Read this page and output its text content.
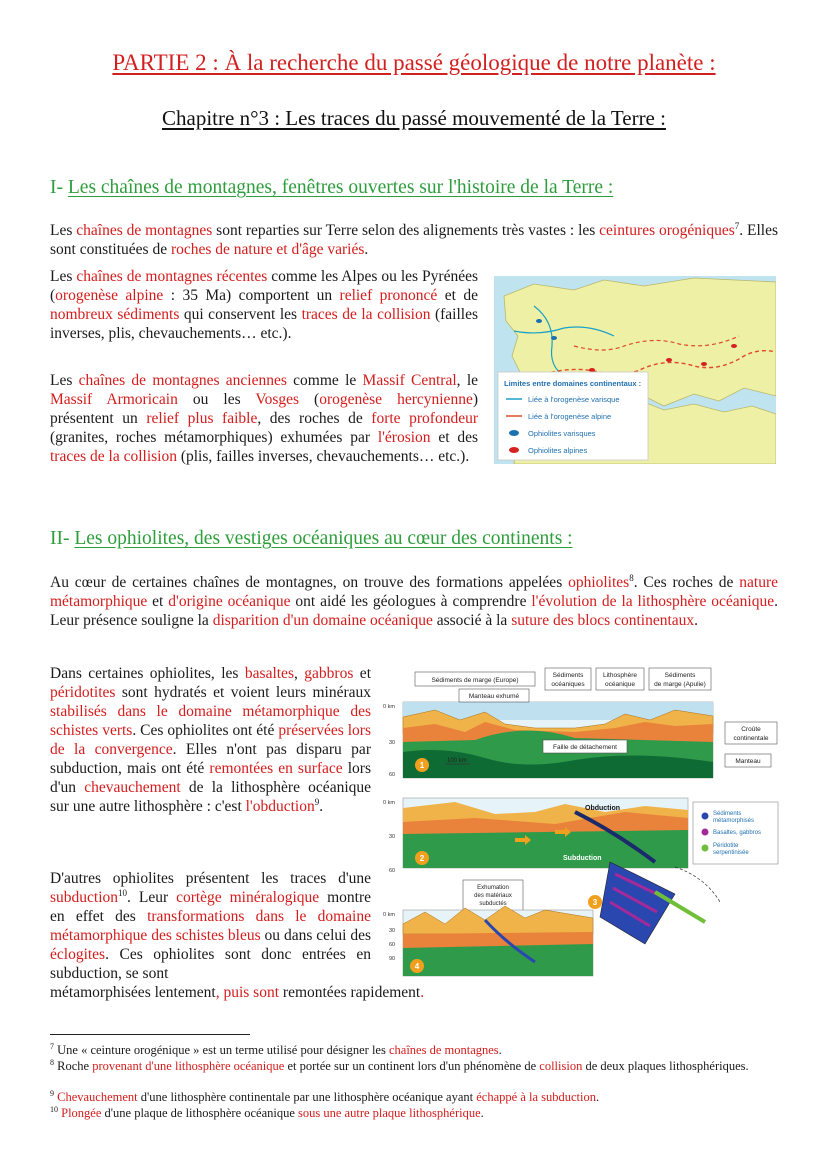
PARTIE 2 : À la recherche du passé géologique de notre planète :
Chapitre n°3 : Les traces du passé mouvementé de la Terre :
I- Les chaînes de montagnes, fenêtres ouvertes sur l'histoire de la Terre :
Les chaînes de montagnes sont reparties sur Terre selon des alignements très vastes : les ceintures orogéniques$^7$. Elles sont constituées de roches de nature et d'âge variés.
Les chaînes de montagnes récentes comme les Alpes ou les Pyrénées (orogenèse alpine : 35 Ma) comportent un relief prononcé et de nombreux sédiments qui conservent les traces de la collision (failles inverses, plis, chevauchements… etc.).
Les chaînes de montagnes anciennes comme le Massif Central, le Massif Armoricain ou les Vosges (orogenèse hercynienne) présentent un relief plus faible, des roches de forte profondeur (granites, roches métamorphiques) exhumées par l'érosion et des traces de la collision (plis, failles inverses, chevauchements… etc.).
Limites entre domaines continentaux :
Liée à l'orogenèse varisque
Liée à l'orogenèse alpine
Ophiolites varisques
Ophiolites alpines
II- Les ophiolites, des vestiges océaniques au cœur des continents :
Au cœur de certaines chaînes de montagnes, on trouve des formations appelées ophiolites$^8$. Ces roches de nature métamorphique et d'origine océanique ont aidé les géologues à comprendre l'évolution de la lithosphère océanique. Leur présence souligne la disparition d'un domaine océanique associé à la suture des blocs continentaux.
Dans certaines ophiolites, les basaltes, gabbros et péridotites sont hydratés et voient leurs minéraux stabilisés dans le domaine métamorphique des schistes verts. Ces ophiolites ont été préservées lors de la convergence. Elles n'ont pas disparu par subduction, mais ont été remontées en surface lors d'un chevauchement de la lithosphère océanique sur une autre lithosphère : c'est l'obduction$^9$.
D'autres ophiolites présentent les traces d'une subduction$^{10}$. Leur cortège minéralogique montre en effet des transformations dans le domaine métamorphique des schistes bleus ou dans celui des éclogites. Ces ophiolites sont donc entrées en subduction, se sont
métamorphisées lentement, puis sont remontées rapidement.
1	100 km
Sédiments de marge (Europe)
Sédiments
océaniques
Lithosphère
océanique
Sédiments
de marge (Apulie)
Manteau exhumé
Faille de détachement
0 km
30
60
Croûte
continentale
Manteau
2
Obduction
Subduction
0 km
30
60
Sédiments
métamorphisés
Basaltes, gabbros
Péridotite
serpentinisée
3
Exhumation
des matériaux
subductés
4
0 km
30
60
90
$^7$ Une « ceinture orogénique » est un terme utilisé pour désigner les chaînes de montagnes.
$^8$ Roche provenant d'une lithosphère océanique et portée sur un continent lors d'un phénomène de collision de deux plaques lithosphériques.
$^9$ Chevauchement d'une lithosphère continentale par une lithosphère océanique ayant échappé à la subduction.
$^{10}$ Plongée d'une plaque de lithosphère océanique sous une autre plaque lithosphérique.
